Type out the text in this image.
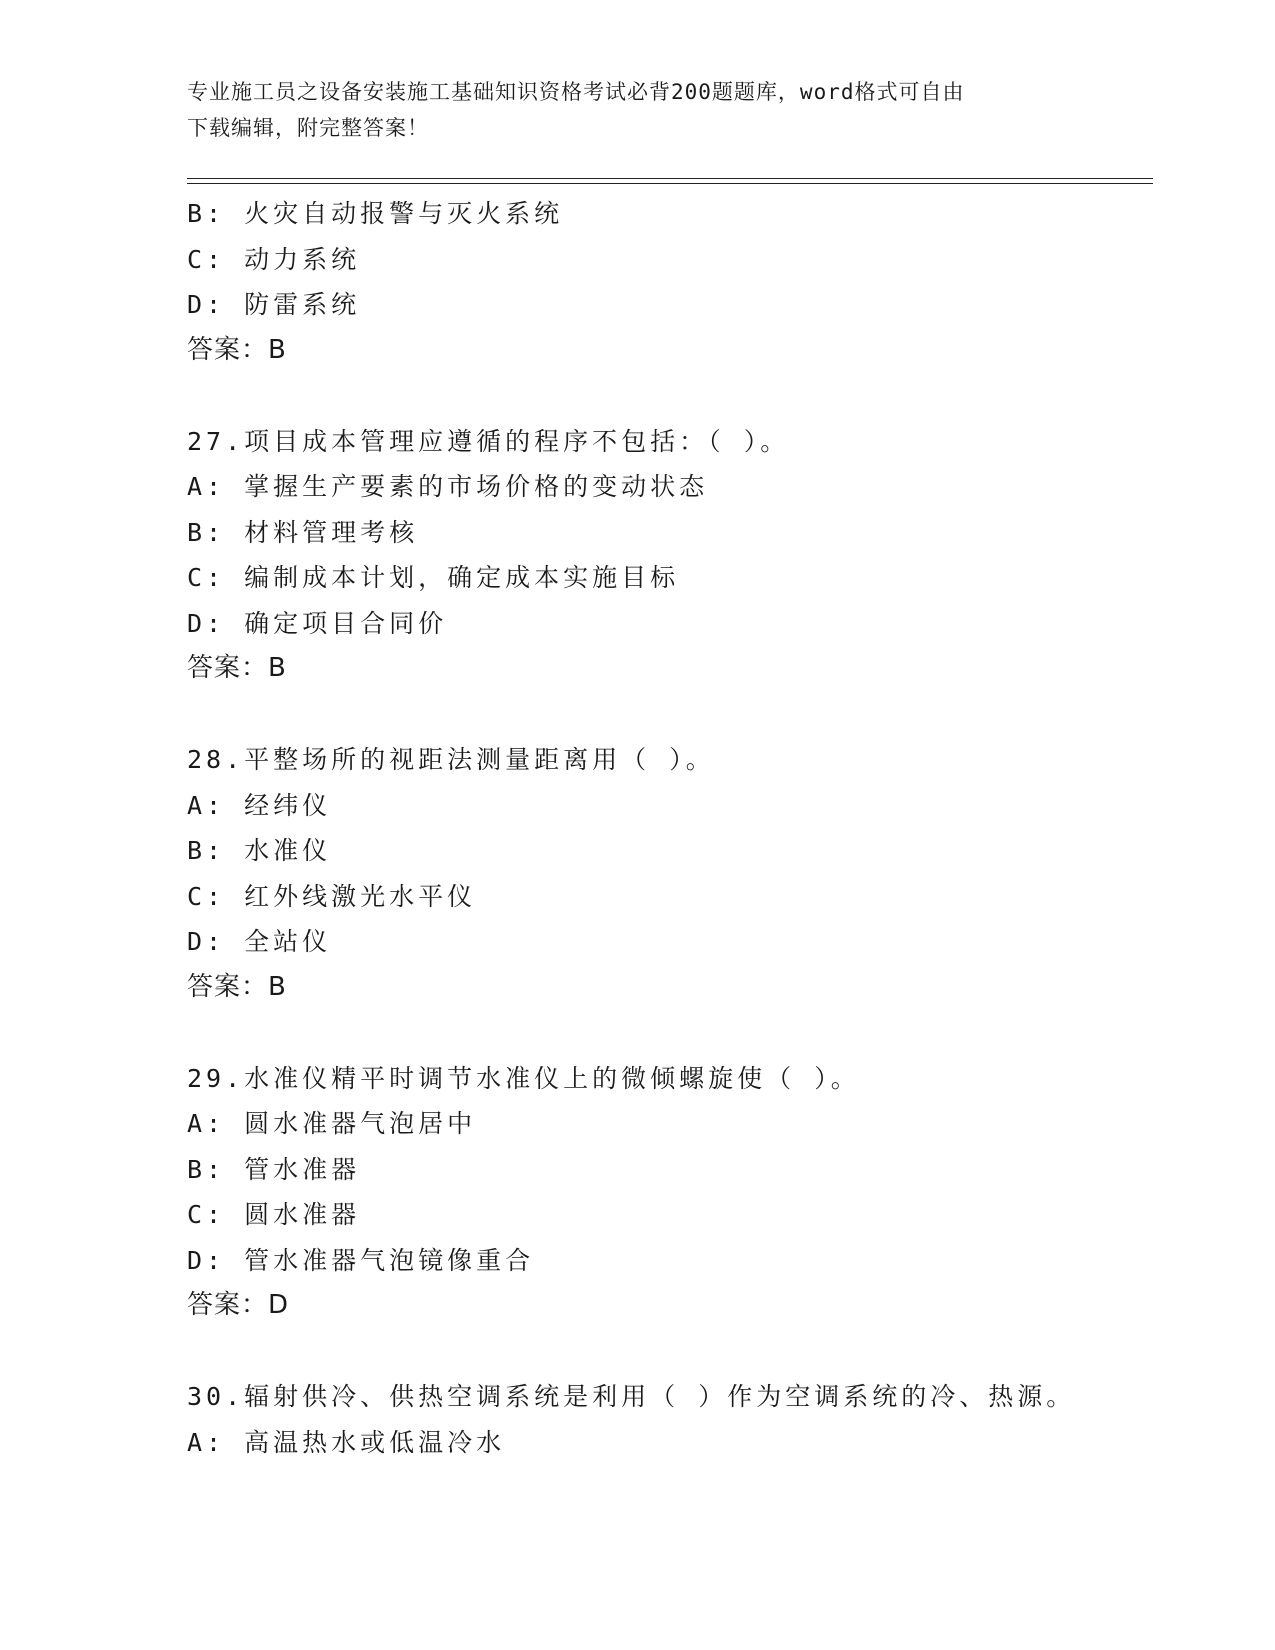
专业施工员之设备安装施工基础知识资格考试必背200题题库，word格式可自由
下载编辑，附完整答案！
B: 火灾自动报警与灭火系统
C: 动力系统
D: 防雷系统
答案：B
27.项目成本管理应遵循的程序不包括：（ ）。
A: 掌握生产要素的市场价格的变动状态
B: 材料管理考核
C: 编制成本计划，确定成本实施目标
D: 确定项目合同价
答案：B
28.平整场所的视距法测量距离用（ ）。
A: 经纬仪
B: 水准仪
C: 红外线激光水平仪
D: 全站仪
答案：B
29.水准仪精平时调节水准仪上的微倾螺旋使（ ）。
A: 圆水准器气泡居中
B: 管水准器
C: 圆水准器
D: 管水准器气泡镜像重合
答案：D
30.辐射供冷、供热空调系统是利用（ ）作为空调系统的冷、热源。
A: 高温热水或低温冷水
